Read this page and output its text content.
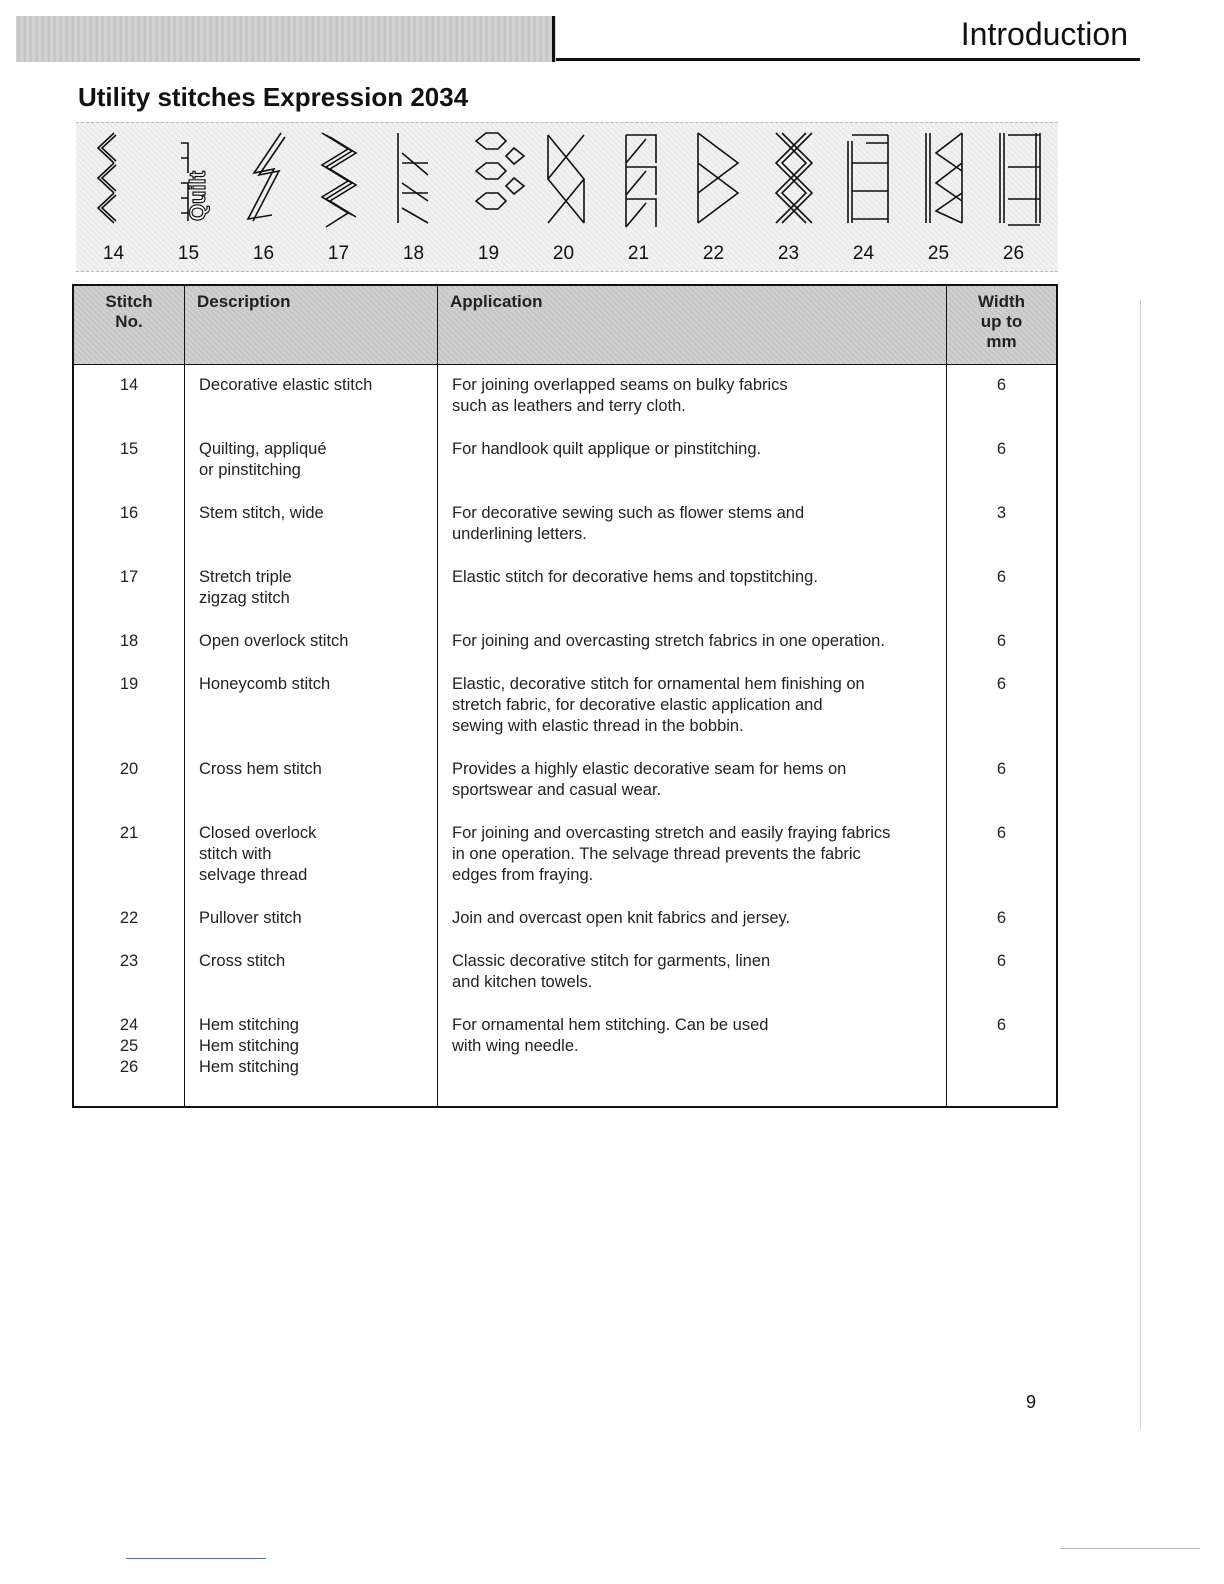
Introduction
Utility stitches Expression 2034
14
Quilt
15	16	17	18	19	20	21	22	23	24	25	26
Stitch
No.	Description	Application	Width
up to
mm
14	Decorative elastic stitch	For joining overlapped seams on bulky fabrics
such as leathers and terry cloth.	6
15	Quilting, appliqué
or pinstitching	For handlook quilt applique or pinstitching.	6
16	Stem stitch, wide	For decorative sewing such as flower stems and
underlining letters.	3
17	Stretch triple
zigzag stitch	Elastic stitch for decorative hems and topstitching.	6
18	Open overlock stitch	For joining and overcasting stretch fabrics in one operation.	6
19	Honeycomb stitch	Elastic, decorative stitch for ornamental hem finishing on
stretch fabric, for decorative elastic application and
sewing with elastic thread in the bobbin.	6
20	Cross hem stitch	Provides a highly elastic decorative seam for hems on
sportswear and casual wear.	6
21	Closed overlock
stitch with
selvage thread	For joining and overcasting stretch and easily fraying fabrics
in one operation. The selvage thread prevents the fabric
edges from fraying.	6
22	Pullover stitch	Join and overcast open knit fabrics and jersey.	6
23	Cross stitch	Classic decorative stitch for garments, linen
and kitchen towels.	6
24
25
26	Hem stitching
Hem stitching
Hem stitching	For ornamental hem stitching. Can be used
with wing needle.	6
9
